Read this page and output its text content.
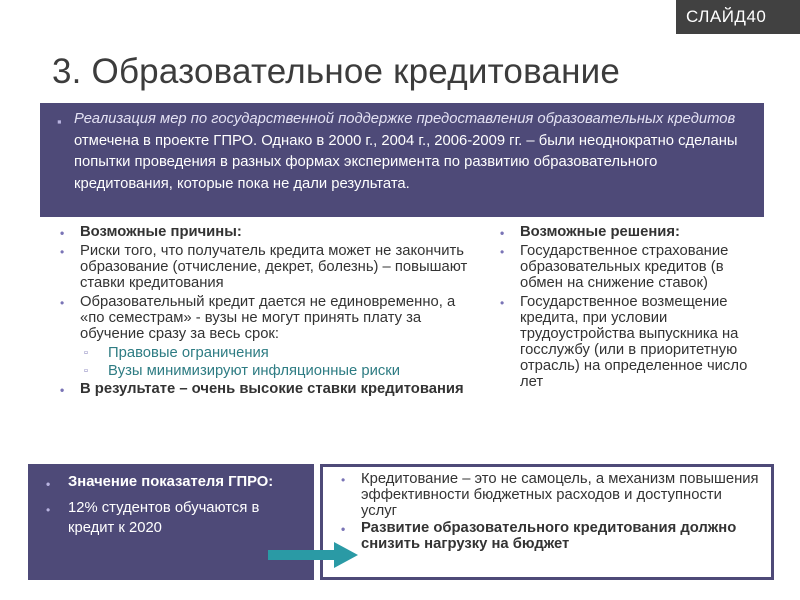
СЛАЙД40
3. Образовательное кредитование
▪ Реализация мер по государственной поддержке предоставления образовательных кредитов отмечена в проекте ГПРО. Однако в 2000 г., 2004 г., 2006-2009 гг. – были неоднократно сделаны попытки проведения в разных формах эксперимента по развитию образовательного кредитования, которые пока не дали результата.
• Возможные причины:
• Риски того, что получатель кредита может не закончить образование (отчисление, декрет, болезнь) – повышают ставки кредитования
• Образовательный кредит дается не единовременно, а «по семестрам» - вузы не могут принять плату за обучение сразу за весь срок:
▫ Правовые ограничения
▫ Вузы минимизируют инфляционные риски
• В результате – очень высокие ставки кредитования
• Возможные решения:
• Государственное страхование образовательных кредитов (в обмен на снижение ставок)
• Государственное возмещение кредита, при условии трудоустройства выпускника на госслужбу (или в приоритетную отрасль) на определенное число лет
• Значение показателя ГПРО:
• 12% студентов обучаются в кредит к 2020
• Кредитование – это не самоцель, а механизм повышения эффективности бюджетных расходов и доступности услуг
• Развитие образовательного кредитования должно снизить нагрузку на бюджет
